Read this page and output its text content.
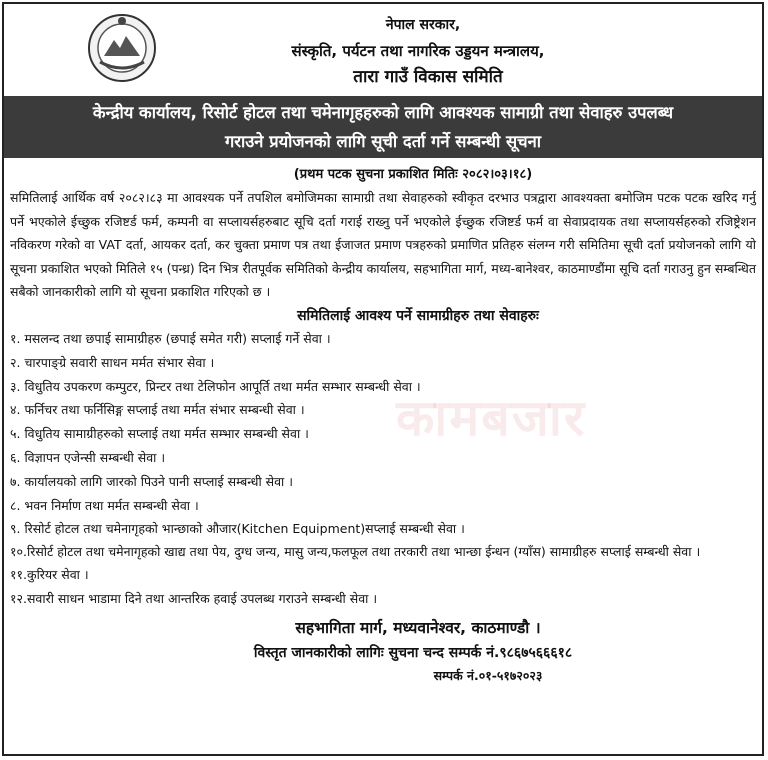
नेपाल सरकार,
संस्कृति, पर्यटन तथा नागरिक उड्डयन मन्त्रालय,
तारा गाउँ विकास समिति
केन्द्रीय कार्यालय, रिसोर्ट होटल तथा चमेनागृहहरुको लागि आवश्यक सामाग्री तथा सेवाहरु उपलब्ध
गराउने प्रयोजनको लागि सूची दर्ता गर्ने सम्बन्धी सूचना
(प्रथम पटक सुचना प्रकाशित मितिः २०८२।०३।१८)
समितिलाई आर्थिक वर्ष २०८२।८३ मा आवश्यक पर्ने तपशिल बमोजिमका सामाग्री तथा सेवाहरुको स्वीकृत दरभाउ पत्रद्वारा आवश्यक्ता बमोजिम पटक पटक खरिद गर्नु पर्ने भएकोले ईच्छुक रजिष्टर्ड फर्म, कम्पनी वा सप्लायर्सहरुबाट सूचि दर्ता गराई राख्नु पर्ने भएकोले ईच्छुक रजिष्टर्ड फर्म वा सेवाप्रदायक तथा सप्लायर्सहरुको रजिष्ट्रेशन नविकरण गरेको वा VAT दर्ता, आयकर दर्ता, कर चुक्ता प्रमाण पत्र तथा ईजाजत प्रमाण पत्रहरुको प्रमाणित प्रतिहरु संलग्न गरी समितिमा सूची दर्ता प्रयोजनको लागि यो सूचना प्रकाशित भएको मितिले १५ (पन्ध्र) दिन भित्र रीतपूर्वक समितिको केन्द्रीय कार्यालय, सहभागिता मार्ग, मध्य-बानेश्वर, काठमाण्डौंमा सूचि दर्ता गराउनु हुन सम्बन्धित सबैको जानकारीको लागि यो सूचना प्रकाशित गरिएको छ ।
समितिलाई आवश्य पर्ने सामाग्रीहरु तथा सेवाहरुः
१. मसलन्द तथा छपाई सामाग्रीहरु (छपाई समेत गरी) सप्लाई गर्ने सेवा ।
२. चारपाङ्ग्रे सवारी साधन मर्मत संभार सेवा ।
३. विधुतिय उपकरण कम्पुटर, प्रिन्टर तथा टेलिफोन आपूर्ति तथा मर्मत सम्भार सम्बन्धी सेवा ।
४. फर्निचर तथा फर्निसिङ्ग सप्लाई तथा मर्मत संभार सम्बन्धी सेवा ।
५. विधुतिय सामाग्रीहरुको सप्लाई तथा मर्मत सम्भार सम्बन्धी सेवा ।
६. विज्ञापन एजेन्सी सम्बन्धी सेवा ।
७. कार्यालयको लागि जारको पिउने पानी सप्लाई सम्बन्धी सेवा ।
८. भवन निर्माण तथा मर्मत सम्बन्धी सेवा ।
९. रिसोर्ट होटल तथा चमेनागृहको भान्छाको औजार(Kitchen Equipment)सप्लाई सम्बन्धी सेवा ।
१०.रिसोर्ट होटल तथा चमेनागृहको खाद्य तथा पेय, दुग्ध जन्य, मासु जन्य,फलफूल तथा तरकारी तथा भान्छा ईन्धन (ग्याँस) सामाग्रीहरु सप्लाई सम्बन्धी सेवा ।
११.कुरियर सेवा ।
१२.सवारी साधन भाडामा दिने तथा आन्तरिक हवाई उपलब्ध गराउने सम्बन्धी सेवा ।
सहभागिता मार्ग, मध्यवानेश्वर, काठमाण्डौ ।
विस्तृत जानकारीको लागिः सुचना चन्द सम्पर्क नं.९८६७५६६६१८
सम्पर्क नं.०१-५१७२०२३
कामबजार
